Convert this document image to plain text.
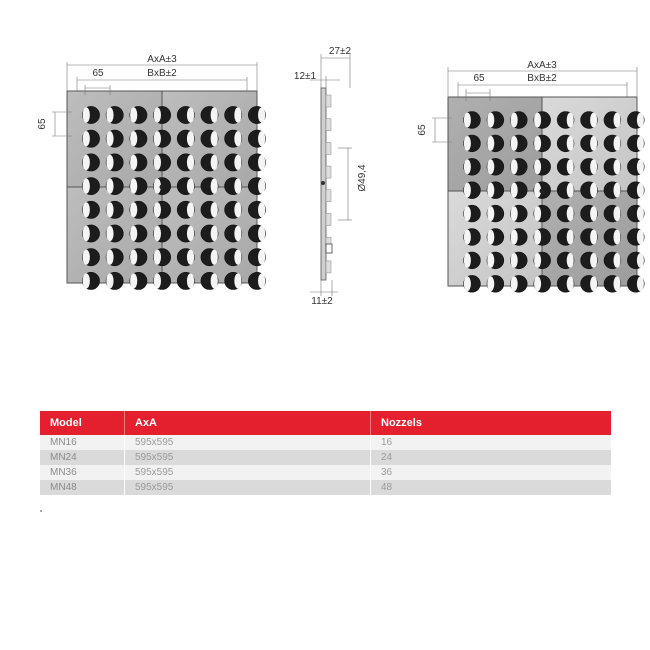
AxA±3
BxB±2
65
65
27±2
12±1
Ø49,4
11±2
AxA±3
BxB±2
65
65
Model	AxA	Nozzels
MN16	595x595	16
MN24	595x595	24
MN36	595x595	36
MN48	595x595	48
